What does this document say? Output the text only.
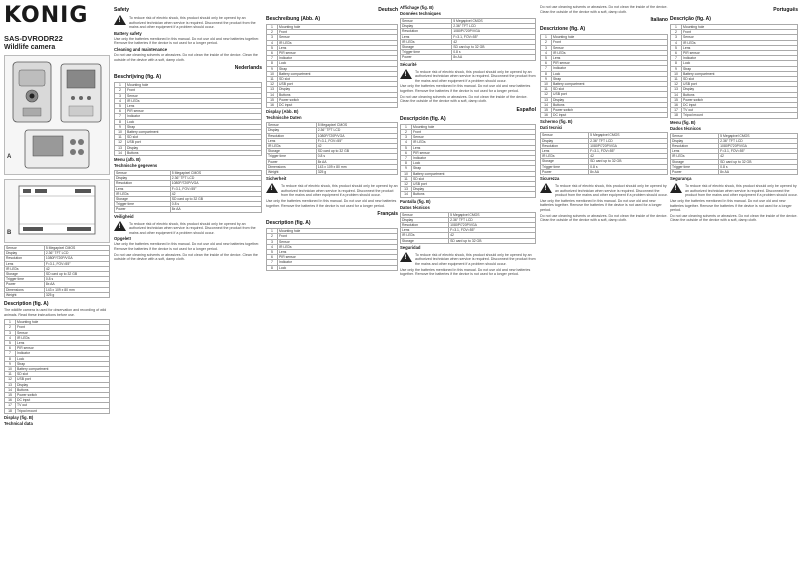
KÖNIG
SAS-DVRODR22
Wildlife camera
A
B
Sensor	5 Megapixel CMOS
Display	2.36" TFT LCD
Resolution	1080P/720P/VGA
Lens	F=3.1, FOV=55°
IR LEDs	42
Storage	SD card up to 32 GB
Trigger time	0.8 s
Power	8x AA
Dimensions	143 x 109 x 80 mm
Weight	325 g
Description (fig. A)
The wildlife camera is used for observation and recording of wild animals. Read these instructions before use.
1	Mounting hole
2	Front
3	Sensor
4	IR LEDs
5	Lens
6	PIR sensor
7	Indicator
8	Lock
9	Strap
10	Battery compartment
11	SD slot
12	USB port
13	Display
14	Buttons
15	Power switch
16	DC input
17	TV out
18	Tripod mount
Display (fig. B)
Technical data
Safety
! To reduce risk of electric shock, this product should only be opened by an authorized technician when service is required. Disconnect the product from the mains and other equipment if a problem should occur.
Battery safety
Use only the batteries mentioned in this manual. Do not use old and new batteries together. Remove the batteries if the device is not used for a longer period.
Cleaning and maintenance
Do not use cleaning solvents or abrasives. Do not clean the inside of the device. Clean the outside of the device with a soft, damp cloth.
Nederlands
Beschrijving (fig. A)
1	Mounting hole
2	Front
3	Sensor
4	IR LEDs
5	Lens
6	PIR sensor
7	Indicator
8	Lock
9	Strap
10	Battery compartment
11	SD slot
12	USB port
13	Display
14	Buttons
Menu (afb. B)
Technische gegevens
Sensor	5 Megapixel CMOS
Display	2.36" TFT LCD
Resolution	1080P/720P/VGA
Lens	F=3.1, FOV=55°
IR LEDs	42
Storage	SD card up to 32 GB
Trigger time	0.8 s
Power	8x AA
Veiligheid
! To reduce risk of electric shock, this product should only be opened by an authorized technician when service is required. Disconnect the product from the mains and other equipment if a problem should occur.
Opgelet!
Use only the batteries mentioned in this manual. Do not use old and new batteries together. Remove the batteries if the device is not used for a longer period.
Do not use cleaning solvents or abrasives. Do not clean the inside of the device. Clean the outside of the device with a soft, damp cloth.
Deutsch
Beschreibung (Abb. A)
1	Mounting hole
2	Front
3	Sensor
4	IR LEDs
5	Lens
6	PIR sensor
7	Indicator
8	Lock
9	Strap
10	Battery compartment
11	SD slot
12	USB port
13	Display
14	Buttons
15	Power switch
16	DC input
Display (Abb. B)
Technische Daten
Sensor	5 Megapixel CMOS
Display	2.36" TFT LCD
Resolution	1080P/720P/VGA
Lens	F=3.1, FOV=55°
IR LEDs	42
Storage	SD card up to 32 GB
Trigger time	0.8 s
Power	8x AA
Dimensions	143 x 109 x 80 mm
Weight	325 g
Sicherheit
! To reduce risk of electric shock, this product should only be opened by an authorized technician when service is required. Disconnect the product from the mains and other equipment if a problem should occur.
Use only the batteries mentioned in this manual. Do not use old and new batteries together. Remove the batteries if the device is not used for a longer period.
Français
Description (fig. A)
1	Mounting hole
2	Front
3	Sensor
4	IR LEDs
5	Lens
6	PIR sensor
7	Indicator
8	Lock
Affichage (fig. B)
Données techniques
Sensor	5 Megapixel CMOS
Display	2.36" TFT LCD
Resolution	1080P/720P/VGA
Lens	F=3.1, FOV=55°
IR LEDs	42
Storage	SD card up to 32 GB
Trigger time	0.8 s
Power	8x AA
Sécurité
! To reduce risk of electric shock, this product should only be opened by an authorized technician when service is required. Disconnect the product from the mains and other equipment if a problem should occur.
Use only the batteries mentioned in this manual. Do not use old and new batteries together. Remove the batteries if the device is not used for a longer period.
Do not use cleaning solvents or abrasives. Do not clean the inside of the device. Clean the outside of the device with a soft, damp cloth.
Español
Descripción (fig. A)
1	Mounting hole
2	Front
3	Sensor
4	IR LEDs
5	Lens
6	PIR sensor
7	Indicator
8	Lock
9	Strap
10	Battery compartment
11	SD slot
12	USB port
13	Display
14	Buttons
Pantalla (fig. B)
Datos técnicos
Sensor	5 Megapixel CMOS
Display	2.36" TFT LCD
Resolution	1080P/720P/VGA
Lens	F=3.1, FOV=55°
IR LEDs	42
Storage	SD card up to 32 GB
Seguridad
! To reduce risk of electric shock, this product should only be opened by an authorized technician when service is required. Disconnect the product from the mains and other equipment if a problem should occur.
Use only the batteries mentioned in this manual. Do not use old and new batteries together. Remove the batteries if the device is not used for a longer period.
Do not use cleaning solvents or abrasives. Do not clean the inside of the device. Clean the outside of the device with a soft, damp cloth.
Italiano
Descrizione (fig. A)
1	Mounting hole
2	Front
3	Sensor
4	IR LEDs
5	Lens
6	PIR sensor
7	Indicator
8	Lock
9	Strap
10	Battery compartment
11	SD slot
12	USB port
13	Display
14	Buttons
15	Power switch
16	DC input
Schermo (fig. B)
Dati tecnici
Sensor	5 Megapixel CMOS
Display	2.36" TFT LCD
Resolution	1080P/720P/VGA
Lens	F=3.1, FOV=55°
IR LEDs	42
Storage	SD card up to 32 GB
Trigger time	0.8 s
Power	8x AA
Sicurezza
! To reduce risk of electric shock, this product should only be opened by an authorized technician when service is required. Disconnect the product from the mains and other equipment if a problem should occur.
Use only the batteries mentioned in this manual. Do not use old and new batteries together. Remove the batteries if the device is not used for a longer period.
Do not use cleaning solvents or abrasives. Do not clean the inside of the device. Clean the outside of the device with a soft, damp cloth.
Português
Descrição (fig. A)
1	Mounting hole
2	Front
3	Sensor
4	IR LEDs
5	Lens
6	PIR sensor
7	Indicator
8	Lock
9	Strap
10	Battery compartment
11	SD slot
12	USB port
13	Display
14	Buttons
15	Power switch
16	DC input
17	TV out
18	Tripod mount
Menu (fig. B)
Dados técnicos
Sensor	5 Megapixel CMOS
Display	2.36" TFT LCD
Resolution	1080P/720P/VGA
Lens	F=3.1, FOV=55°
IR LEDs	42
Storage	SD card up to 32 GB
Trigger time	0.8 s
Power	8x AA
Segurança
! To reduce risk of electric shock, this product should only be opened by an authorized technician when service is required. Disconnect the product from the mains and other equipment if a problem should occur.
Use only the batteries mentioned in this manual. Do not use old and new batteries together. Remove the batteries if the device is not used for a longer period.
Do not use cleaning solvents or abrasives. Do not clean the inside of the device. Clean the outside of the device with a soft, damp cloth.
